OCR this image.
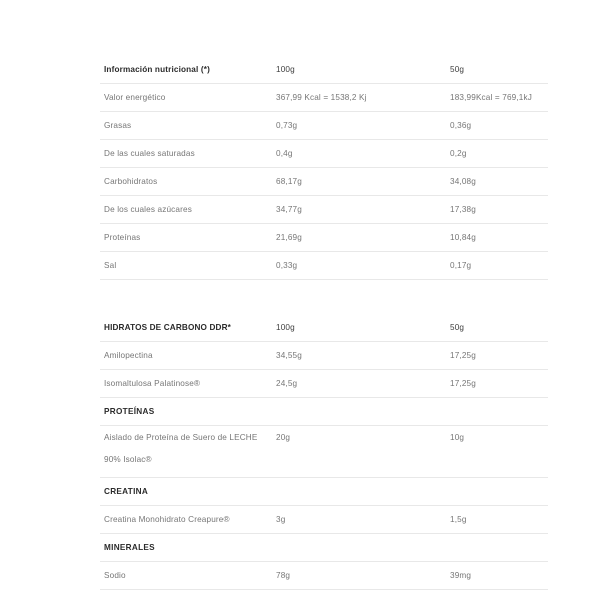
Información nutricional (*)	100g	50g
Valor energético	367,99 Kcal = 1538,2 Kj	183,99Kcal = 769,1kJ
Grasas	0,73g	0,36g
De las cuales saturadas	0,4g	0,2g
Carbohidratos	68,17g	34,08g
De los cuales azúcares	34,77g	17,38g
Proteínas	21,69g	10,84g
Sal	0,33g	0,17g
HIDRATOS DE CARBONO DDR*	100g	50g
Amilopectina	34,55g	17,25g
Isomaltulosa Palatinose®	24,5g	17,25g
PROTEÍNAS		
Aislado de Proteína de Suero de LECHE
90% Isolac®	20g	10g
CREATINA		
Creatina Monohidrato Creapure®	3g	1,5g
MINERALES		
Sodio	78g	39mg
